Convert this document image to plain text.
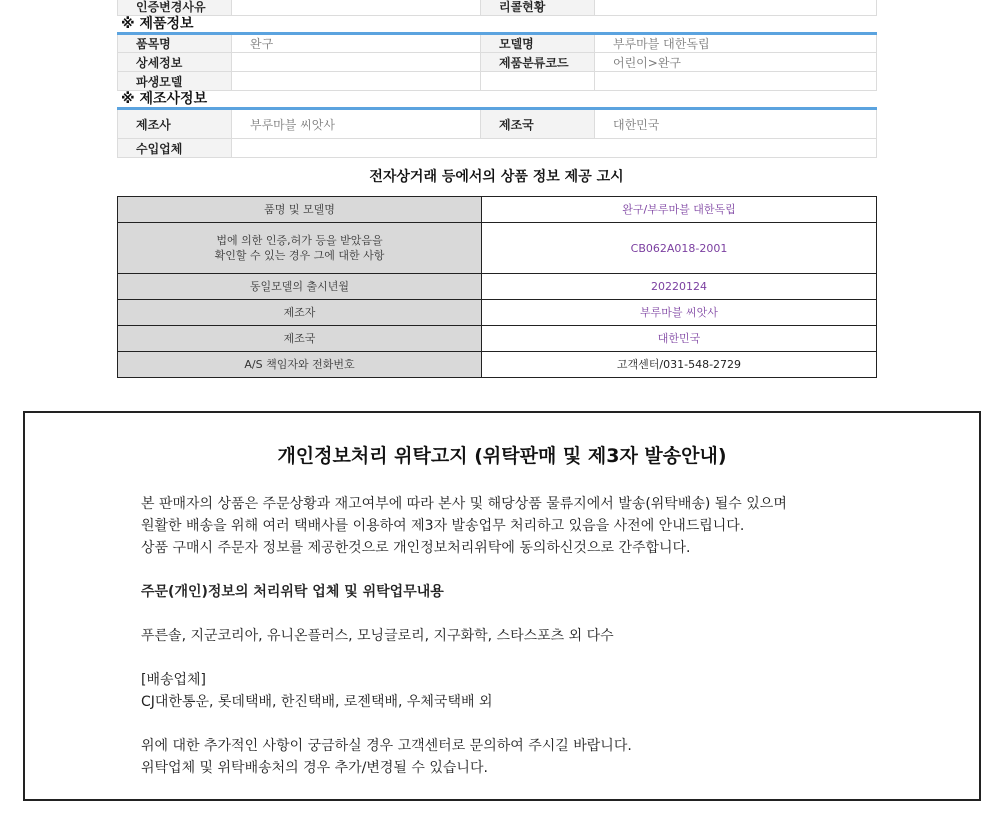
인증변경사유		리콜현황	
※ 제품정보
품목명	완구	모델명	부루마블 대한독립
상세정보		제품분류코드	어린이>완구
파생모델			
※ 제조사정보
제조사	부루마블 씨앗사	제조국	대한민국
수입업체			
전자상거래 등에서의 상품 정보 제공 고시
품명 및 모델명	완구/부루마블 대한독립

법에 의한 인증,허가 등을 받았음을
확인할 수 있는 경우 그에 대한 사항	CB062A018-2001
동일모델의 출시년월	20220124
제조자	부루마블 씨앗사
제조국	대한민국
A/S 책임자와 전화번호	고객센터/031-548-2729
개인정보처리 위탁고지 (위탁판매 및 제3자 발송안내)

본 판매자의 상품은 주문상황과 재고여부에 따라 본사 및 해당상품 물류지에서 발송(위탁배송) 될수 있으며

원활한 배송을 위해 여러 택배사를 이용하여 제3자 발송업무 처리하고 있음을 사전에 안내드립니다.

상품 구매시 주문자 정보를 제공한것으로 개인정보처리위탁에 동의하신것으로 간주합니다.

주문(개인)정보의 처리위탁 업체 및 위탁업무내용

푸른솔, 지군코리아, 유니온플러스, 모닝글로리, 지구화학, 스타스포츠 외 다수

[배송업체]

CJ대한통운, 롯데택배, 한진택배, 로젠택배, 우체국택배 외

위에 대한 추가적인 사항이 궁금하실 경우 고객센터로 문의하여 주시길 바랍니다.

위탁업체 및 위탁배송처의 경우 추가/변경될 수 있습니다.
